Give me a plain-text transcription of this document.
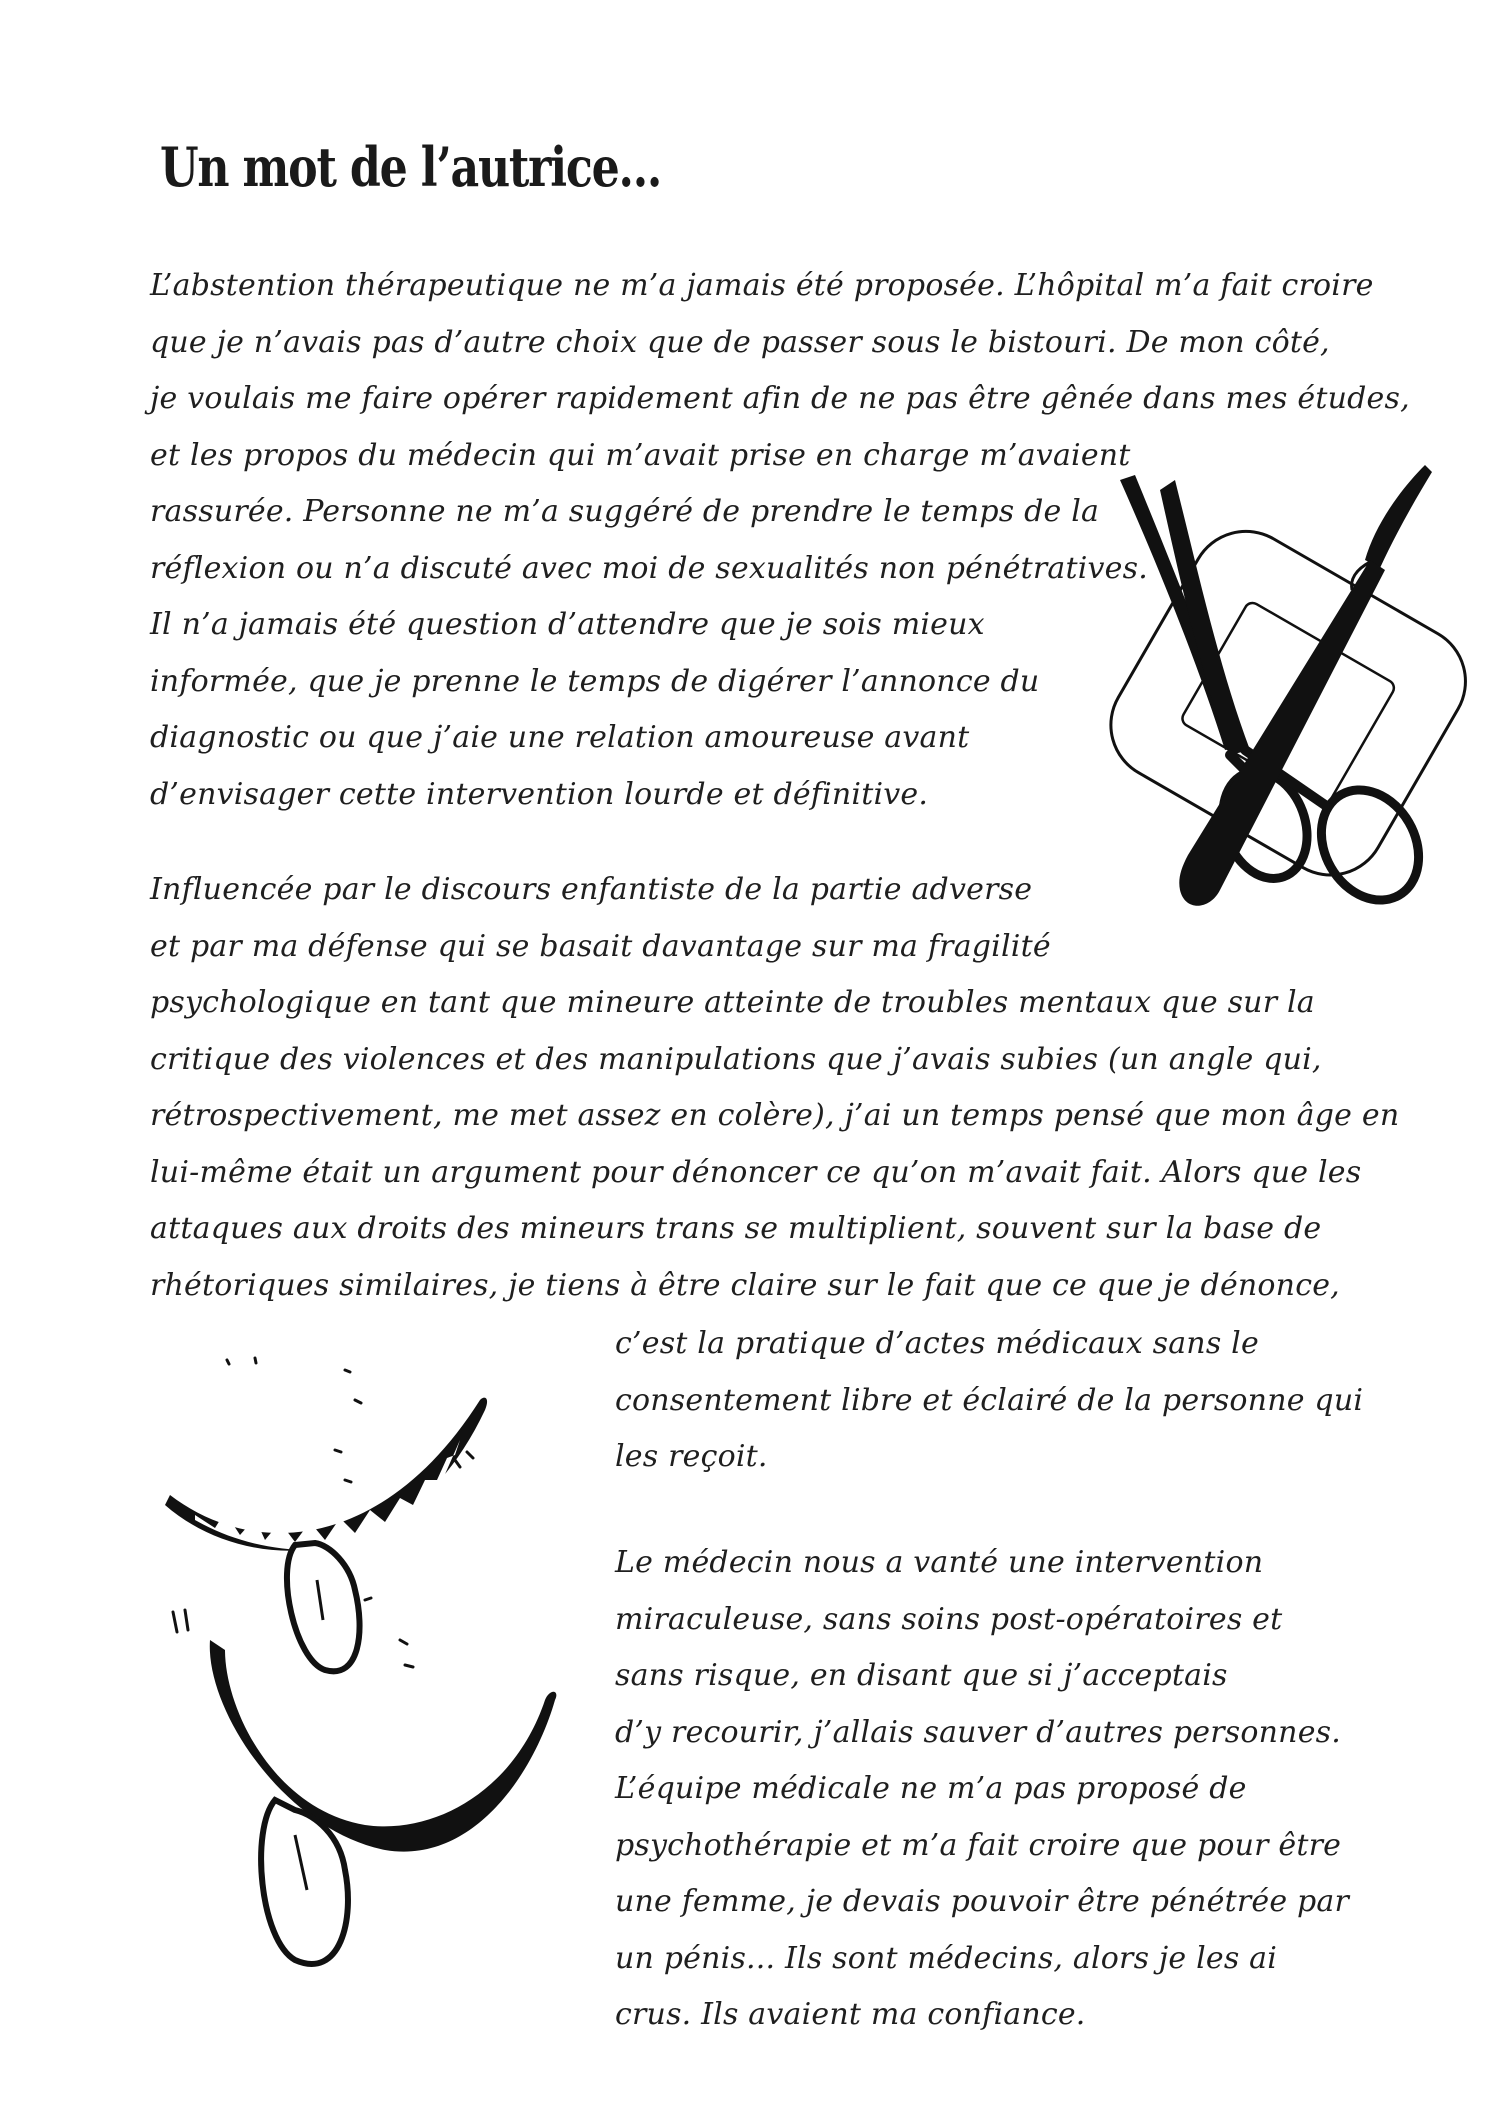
Un mot de l’autrice...

L’abstention thérapeutique ne m’a jamais été proposée. L’hôpital m’a fait croire

que je n’avais pas d’autre choix que de passer sous le bistouri. De mon côté,

je voulais me faire opérer rapidement afin de ne pas être gênée dans mes études,

et les propos du médecin qui m’avait prise en charge m’avaient

rassurée. Personne ne m’a suggéré de prendre le temps de la

réflexion ou n’a discuté avec moi de sexualités non pénétratives.

Il n’a jamais été question d’attendre que je sois mieux

informée, que je prenne le temps de digérer l’annonce du

diagnostic ou que j’aie une relation amoureuse avant

d’envisager cette intervention lourde et définitive.

Influencée par le discours enfantiste de la partie adverse

et par ma défense qui se basait davantage sur ma fragilité

psychologique en tant que mineure atteinte de troubles mentaux que sur la

critique des violences et des manipulations que j’avais subies (un angle qui,

rétrospectivement, me met assez en colère), j’ai un temps pensé que mon âge en

lui-même était un argument pour dénoncer ce qu’on m’avait fait. Alors que les

attaques aux droits des mineurs trans se multiplient, souvent sur la base de

rhétoriques similaires, je tiens à être claire sur le fait que ce que je dénonce,

c’est la pratique d’actes médicaux sans le

consentement libre et éclairé de la personne qui

les reçoit.

Le médecin nous a vanté une intervention

miraculeuse, sans soins post-opératoires et

sans risque, en disant que si j’acceptais

d’y recourir, j’allais sauver d’autres personnes.

L’équipe médicale ne m’a pas proposé de

psychothérapie et m’a fait croire que pour être

une femme, je devais pouvoir être pénétrée par

un pénis... Ils sont médecins, alors je les ai

crus. Ils avaient ma confiance.
